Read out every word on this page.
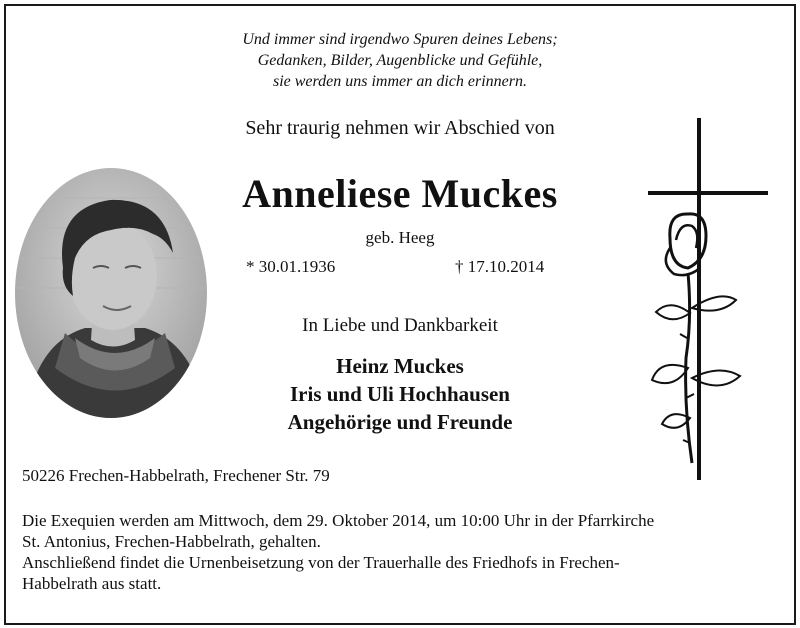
Und immer sind irgendwo Spuren deines Lebens;
Gedanken, Bilder, Augenblicke und Gefühle,
sie werden uns immer an dich erinnern.
Sehr traurig nehmen wir Abschied von
Anneliese Muckes
geb. Heeg
* 30.01.1936	† 17.10.2014
In Liebe und Dankbarkeit
Heinz Muckes
Iris und Uli Hochhausen
Angehörige und Freunde
50226 Frechen-Habbelrath, Frechener Str. 79
Die Exequien werden am Mittwoch, dem 29. Oktober 2014, um 10:00 Uhr in der Pfarrkirche
St. Antonius, Frechen-Habbelrath, gehalten.
Anschließend findet die Urnenbeisetzung von der Trauerhalle des Friedhofs in Frechen-
Habbelrath aus statt.
